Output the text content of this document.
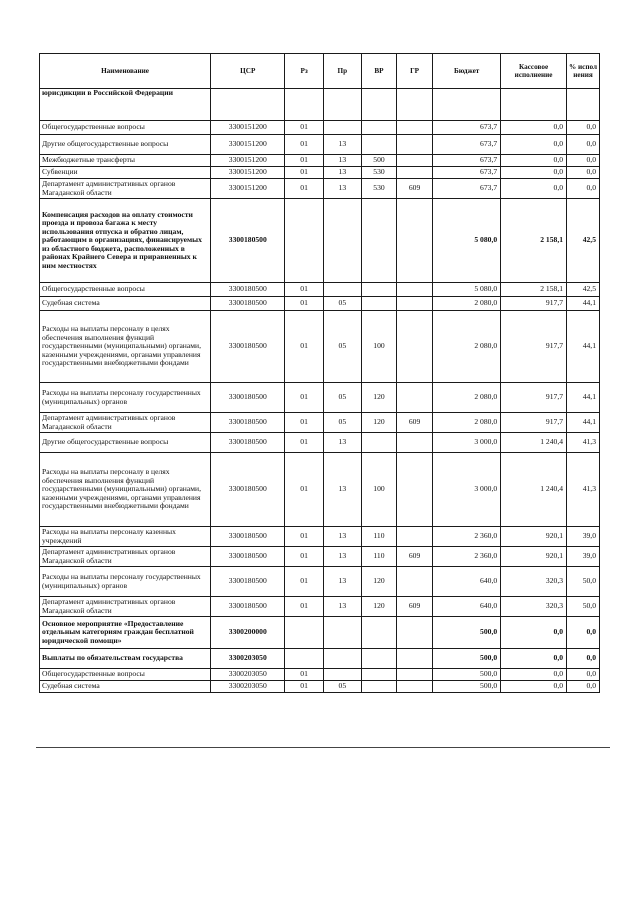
Наименование	ЦСР	Рз	Пр	ВР	ГР	Бюджет	Кассовое исполнение	% испол нения
юрисдикции в Российской Федерации								
Общегосударственные вопросы	3300151200	01				673,7	0,0	0,0
Другие общегосударственные вопросы	3300151200	01	13			673,7	0,0	0,0
Межбюджетные трансферты	3300151200	01	13	500		673,7	0,0	0,0
Субвенции	3300151200	01	13	530		673,7	0,0	0,0
Департамент административных органов Магаданской области	3300151200	01	13	530	609	673,7	0,0	0,0
Компенсация расходов на оплату стоимости проезда и провоза багажа к месту использования отпуска и обратно лицам, работающим в организациях, финансируемых из областного бюджета, расположенных в районах Крайнего Севера и приравненных к ним местностях	3300180500					5 080,0	2 158,1	42,5
Общегосударственные вопросы	3300180500	01				5 080,0	2 158,1	42,5
Судебная система	3300180500	01	05			2 080,0	917,7	44,1
Расходы на выплаты персоналу в целях обеспечения выполнения функций государственными (муниципальными) органами, казенными учреждениями, органами управления государственными внебюджетными фондами	3300180500	01	05	100		2 080,0	917,7	44,1
Расходы на выплаты персоналу государственных (муниципальных) органов	3300180500	01	05	120		2 080,0	917,7	44,1
Департамент административных органов Магаданской области	3300180500	01	05	120	609	2 080,0	917,7	44,1
Другие общегосударственные вопросы	3300180500	01	13			3 000,0	1 240,4	41,3
Расходы на выплаты персоналу в целях обеспечения выполнения функций государственными (муниципальными) органами, казенными учреждениями, органами управления государственными внебюджетными фондами	3300180500	01	13	100		3 000,0	1 240,4	41,3
Расходы на выплаты персоналу казенных учреждений	3300180500	01	13	110		2 360,0	920,1	39,0
Департамент административных органов Магаданской области	3300180500	01	13	110	609	2 360,0	920,1	39,0
Расходы на выплаты персоналу государственных (муниципальных) органов	3300180500	01	13	120		640,0	320,3	50,0
Департамент административных органов Магаданской области	3300180500	01	13	120	609	640,0	320,3	50,0
Основное мероприятие «Предоставление отдельным категориям граждан бесплатной юридической помощи»	3300200000					500,0	0,0	0,0
Выплаты по обязательствам государства	3300203050					500,0	0,0	0,0
Общегосударственные вопросы	3300203050	01				500,0	0,0	0,0
Судебная система	3300203050	01	05			500,0	0,0	0,0
